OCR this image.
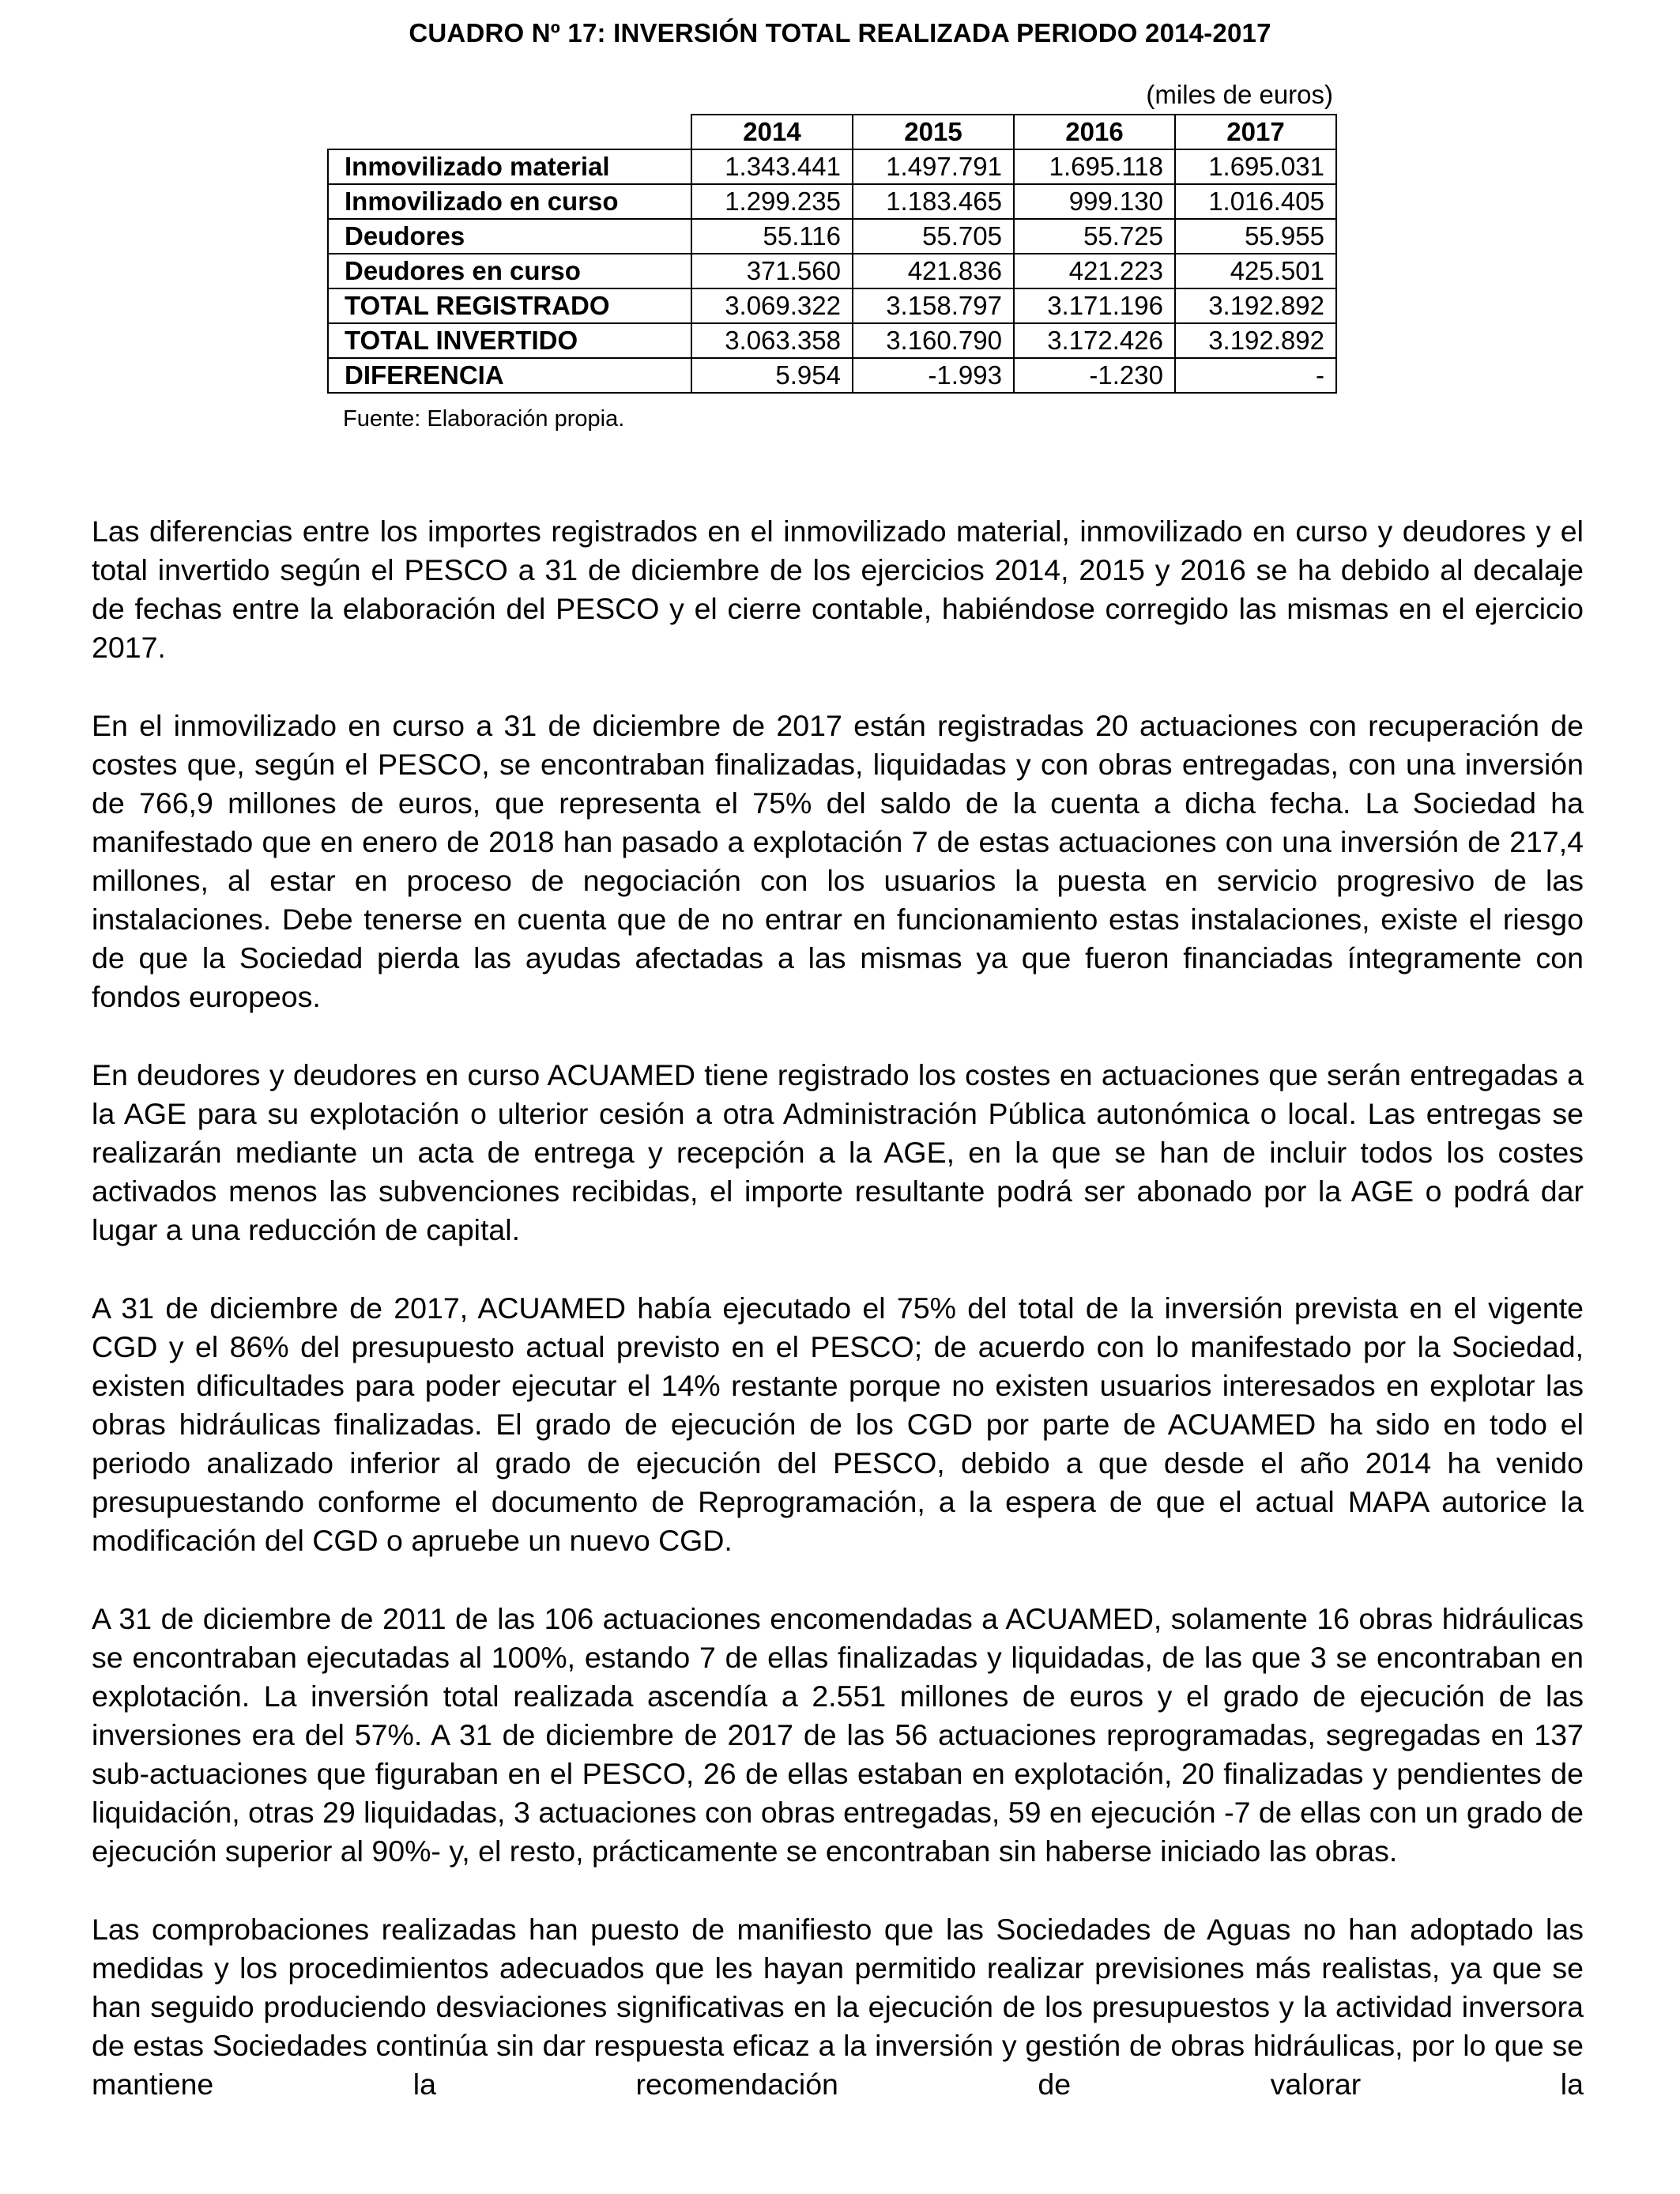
CUADRO Nº 17: INVERSIÓN TOTAL REALIZADA PERIODO 2014-2017
(miles de euros)
	2014	2015	2016	2017
Inmovilizado material	1.343.441	1.497.791	1.695.118	1.695.031
Inmovilizado en curso	1.299.235	1.183.465	999.130	1.016.405
Deudores	55.116	55.705	55.725	55.955
Deudores en curso	371.560	421.836	421.223	425.501
TOTAL REGISTRADO	3.069.322	3.158.797	3.171.196	3.192.892
TOTAL INVERTIDO	3.063.358	3.160.790	3.172.426	3.192.892
DIFERENCIA	5.954	-1.993	-1.230	-
Fuente: Elaboración propia.

Las diferencias entre los importes registrados en el inmovilizado material, inmovilizado en curso y deudores y el total invertido según el PESCO a 31 de diciembre de los ejercicios 2014, 2015 y 2016 se ha debido al decalaje de fechas entre la elaboración del PESCO y el cierre contable, habiéndose corregido las mismas en el ejercicio 2017.

En el inmovilizado en curso a 31 de diciembre de 2017 están registradas 20 actuaciones con recuperación de costes que, según el PESCO, se encontraban finalizadas, liquidadas y con obras entregadas, con una inversión de 766,9 millones de euros, que representa el 75% del saldo de la cuenta a dicha fecha. La Sociedad ha manifestado que en enero de 2018 han pasado a explotación 7 de estas actuaciones con una inversión de 217,4 millones, al estar en proceso de negociación con los usuarios la puesta en servicio progresivo de las instalaciones. Debe tenerse en cuenta que de no entrar en funcionamiento estas instalaciones, existe el riesgo de que la Sociedad pierda las ayudas afectadas a las mismas ya que fueron financiadas íntegramente con fondos europeos.

En deudores y deudores en curso ACUAMED tiene registrado los costes en actuaciones que serán entregadas a la AGE para su explotación o ulterior cesión a otra Administración Pública autonómica o local. Las entregas se realizarán mediante un acta de entrega y recepción a la AGE, en la que se han de incluir todos los costes activados menos las subvenciones recibidas, el importe resultante podrá ser abonado por la AGE o podrá dar lugar a una reducción de capital.

A 31 de diciembre de 2017, ACUAMED había ejecutado el 75% del total de la inversión prevista en el vigente CGD y el 86% del presupuesto actual previsto en el PESCO; de acuerdo con lo manifestado por la Sociedad, existen dificultades para poder ejecutar el 14% restante porque no existen usuarios interesados en explotar las obras hidráulicas finalizadas. El grado de ejecución de los CGD por parte de ACUAMED ha sido en todo el periodo analizado inferior al grado de ejecución del PESCO, debido a que desde el año 2014 ha venido presupuestando conforme el documento de Reprogramación, a la espera de que el actual MAPA autorice la modificación del CGD o apruebe un nuevo CGD.

A 31 de diciembre de 2011 de las 106 actuaciones encomendadas a ACUAMED, solamente 16 obras hidráulicas se encontraban ejecutadas al 100%, estando 7 de ellas finalizadas y liquidadas, de las que 3 se encontraban en explotación. La inversión total realizada ascendía a 2.551 millones de euros y el grado de ejecución de las inversiones era del 57%. A 31 de diciembre de 2017 de las 56 actuaciones reprogramadas, segregadas en 137 sub-actuaciones que figuraban en el PESCO, 26 de ellas estaban en explotación, 20 finalizadas y pendientes de liquidación, otras 29 liquidadas, 3 actuaciones con obras entregadas, 59 en ejecución -7 de ellas con un grado de ejecución superior al 90%- y, el resto, prácticamente se encontraban sin haberse iniciado las obras.

Las comprobaciones realizadas han puesto de manifiesto que las Sociedades de Aguas no han adoptado las medidas y los procedimientos adecuados que les hayan permitido realizar previsiones más realistas, ya que se han seguido produciendo desviaciones significativas en la ejecución de los presupuestos y la actividad inversora de estas Sociedades continúa sin dar respuesta eficaz a la inversión y gestión de obras hidráulicas, por lo que se mantiene la recomendación de valorar la
